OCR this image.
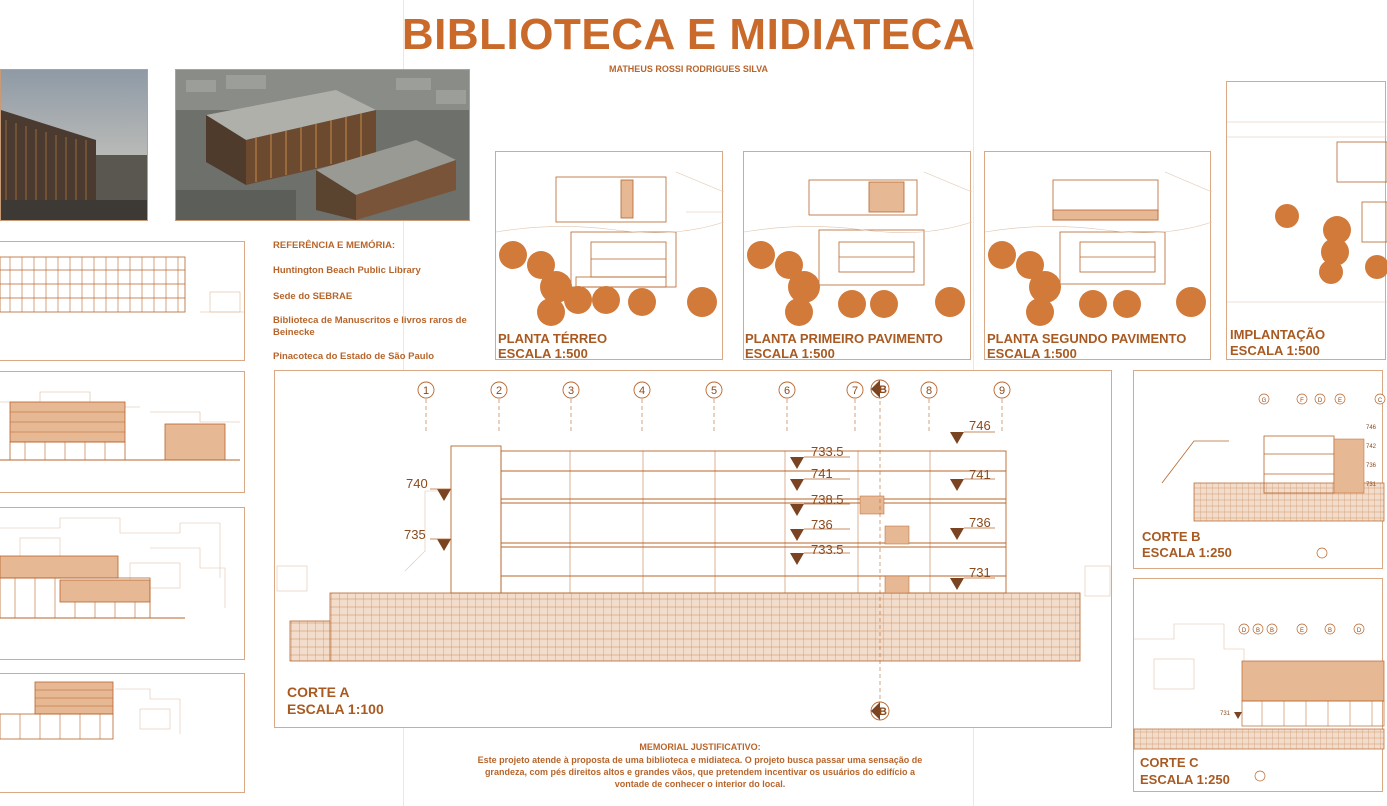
BIBLIOTECA E MIDIATECA
MATHEUS ROSSI RODRIGUES SILVA
REFERÊNCIA E MEMÓRIA:
Huntington Beach Public Library
Sede do SEBRAE
Biblioteca de Manuscritos e livros raros de Beinecke
Pinacoteca do Estado de São Paulo
PLANTA TÉRREO
ESCALA 1:500
PLANTA PRIMEIRO PAVIMENTO
ESCALA 1:500
PLANTA SEGUNDO PAVIMENTO
ESCALA 1:500
IMPLANTAÇÃO
ESCALA 1:500
1	2	3	4	5	6	7	8	9
B
B
740
735
733.5
741
738.5
736
733.5
746
741
736
731
CORTE A
ESCALA 1:100
G	F D	E	C
746
742
736
731
CORTE B
ESCALA 1:250
D B B	E	B	D
731
CORTE C
ESCALA 1:250
MEMORIAL JUSTIFICATIVO:
Este projeto atende à proposta de uma biblioteca e midiateca. O projeto busca passar uma sensação de
grandeza, com pés direitos altos e grandes vãos, que pretendem incentivar os usuários do edifício a
vontade de conhecer o interior do local.
